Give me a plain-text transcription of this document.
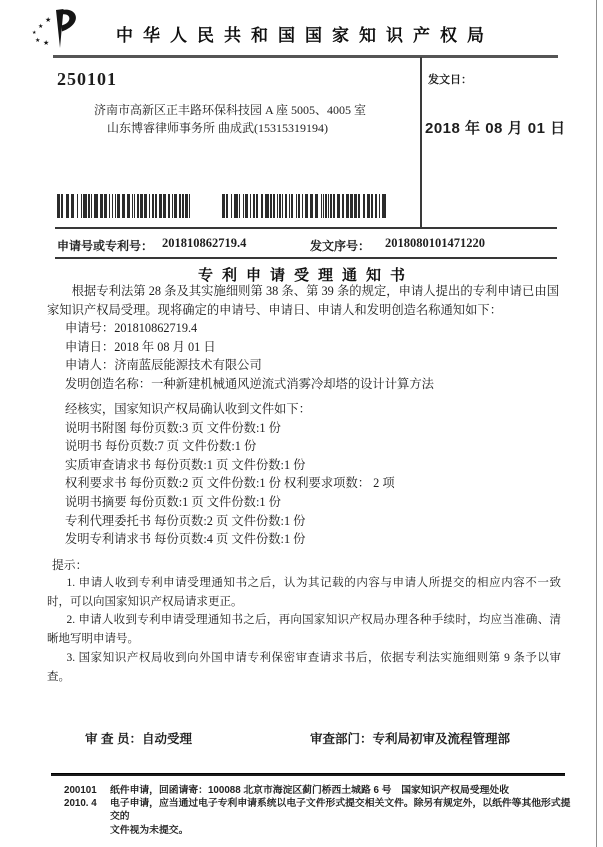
★
★
★
★ ★	中华人民共和国国家知识产权局
发文日：
2018 年 08 月 01 日
250101
济南市高新区正丰路环保科技园 A 座 5005、4005 室
山东博睿律师事务所 曲成武(15315319194)
申请号或专利号： 201810862719.4	发文序号： 2018080101471220
专利申请受理通知书
根据专利法第 28 条及其实施细则第 38 条、第 39 条的规定，申请人提出的专利申请已由国家知识产权局受理。现将确定的申请号、申请日、申请人和发明创造名称通知如下：
申请号：201810862719.4
申请日：2018 年 08 月 01 日
申请人：济南蓝辰能源技术有限公司
发明创造名称：一种新建机械通风逆流式消雾冷却塔的设计计算方法
经核实，国家知识产权局确认收到文件如下：
说明书附图 每份页数:3 页 文件份数:1 份
说明书 每份页数:7 页 文件份数:1 份
实质审查请求书 每份页数:1 页 文件份数:1 份
权利要求书 每份页数:2 页 文件份数:1 份 权利要求项数： 2 项
说明书摘要 每份页数:1 页 文件份数:1 份
专利代理委托书 每份页数:2 页 文件份数:1 份
发明专利请求书 每份页数:4 页 文件份数:1 份
提示：

1. 申请人收到专利申请受理通知书之后，认为其记载的内容与申请人所提交的相应内容不一致时，可以向国家知识产权局请求更正。

2. 申请人收到专利申请受理通知书之后，再向国家知识产权局办理各种手续时，均应当准确、清晰地写明申请号。

3. 国家知识产权局收到向外国申请专利保密审查请求书后，依据专利法实施细则第 9 条予以审查。

审 查 员：自动受理	审查部门：专利局初审及流程管理部
200101
2010. 4
纸件申请，回函请寄：100088 北京市海淀区蓟门桥西土城路 6 号　国家知识产权局受理处收
电子申请，应当通过电子专利申请系统以电子文件形式提交相关文件。除另有规定外，以纸件等其他形式提交的
文件视为未提交。
